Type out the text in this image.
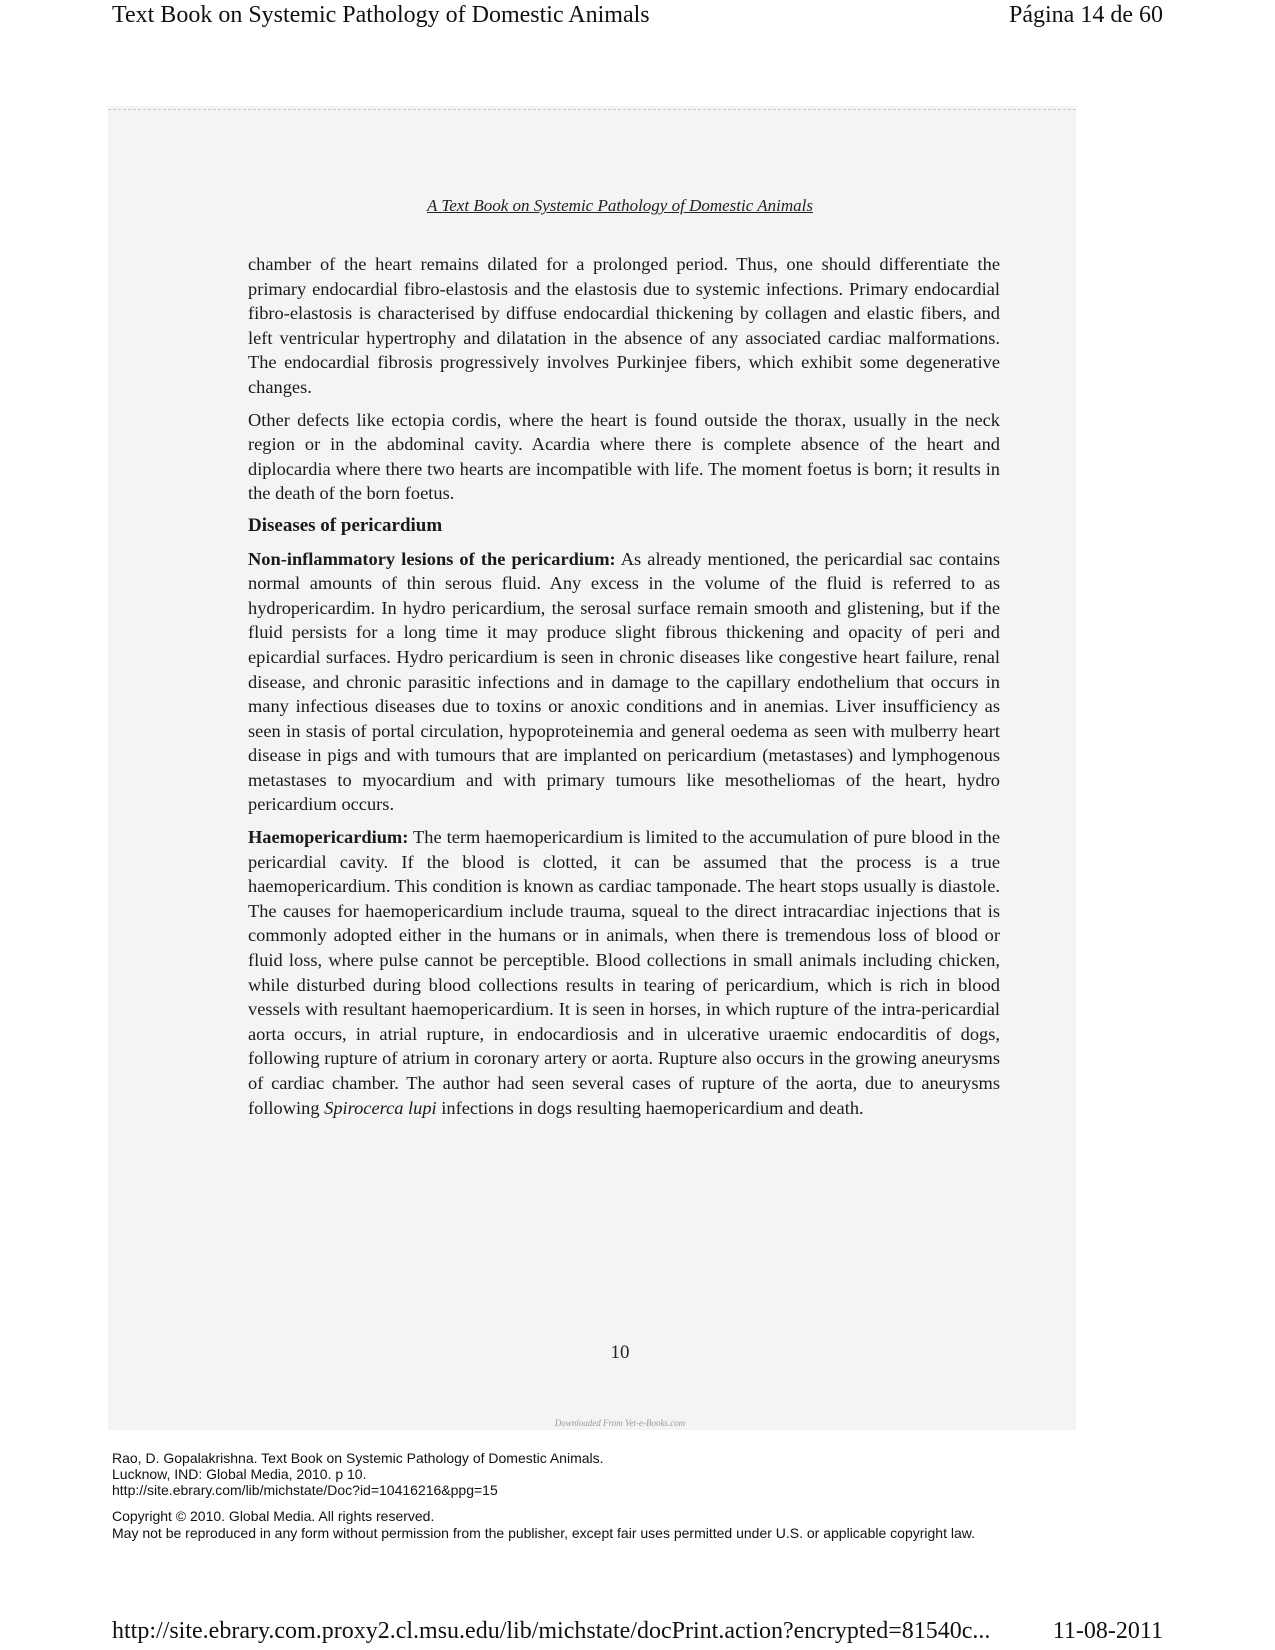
Text Book on Systemic Pathology of Domestic Animals	Página 14 de 60
A Text Book on Systemic Pathology of Domestic Animals

chamber of the heart remains dilated for a prolonged period. Thus, one should differentiate the primary endocardial fibro-elastosis and the elastosis due to systemic infections. Primary endocardial fibro-elastosis is characterised by diffuse endocardial thickening by collagen and elastic fibers, and left ventricular hypertrophy and dilatation in the absence of any associated cardiac malformations. The endocardial fibrosis progressively involves Purkinjee fibers, which exhibit some degenerative changes.

Other defects like ectopia cordis, where the heart is found outside the thorax, usually in the neck region or in the abdominal cavity. Acardia where there is complete absence of the heart and diplocardia where there two hearts are incompatible with life. The moment foetus is born; it results in the death of the born foetus.

Diseases of pericardium

Non-inflammatory lesions of the pericardium: As already mentioned, the pericardial sac contains normal amounts of thin serous fluid. Any excess in the volume of the fluid is referred to as hydropericardim. In hydro pericardium, the serosal surface remain smooth and glistening, but if the fluid persists for a long time it may produce slight fibrous thickening and opacity of peri and epicardial surfaces. Hydro pericardium is seen in chronic diseases like congestive heart failure, renal disease, and chronic parasitic infections and in damage to the capillary endothelium that occurs in many infectious diseases due to toxins or anoxic conditions and in anemias. Liver insufficiency as seen in stasis of portal circulation, hypoproteinemia and general oedema as seen with mulberry heart disease in pigs and with tumours that are implanted on pericardium (metastases) and lymphogenous metastases to myocardium and with primary tumours like mesotheliomas of the heart, hydro pericardium occurs.

Haemopericardium: The term haemopericardium is limited to the accumulation of pure blood in the pericardial cavity. If the blood is clotted, it can be assumed that the process is a true haemopericardium. This condition is known as cardiac tamponade. The heart stops usually is diastole. The causes for haemopericardium include trauma, squeal to the direct intracardiac injections that is commonly adopted either in the humans or in animals, when there is tremendous loss of blood or fluid loss, where pulse cannot be perceptible. Blood collections in small animals including chicken, while disturbed during blood collections results in tearing of pericardium, which is rich in blood vessels with resultant haemopericardium. It is seen in horses, in which rupture of the intra-pericardial aorta occurs, in atrial rupture, in endocardiosis and in ulcerative uraemic endocarditis of dogs, following rupture of atrium in coronary artery or aorta. Rupture also occurs in the growing aneurysms of cardiac chamber. The author had seen several cases of rupture of the aorta, due to aneurysms following Spirocerca lupi infections in dogs resulting haemopericardium and death.

10
Downloaded From Vet-e-Books.com
Rao, D. Gopalakrishna. Text Book on Systemic Pathology of Domestic Animals.
Lucknow, IND: Global Media, 2010. p 10.
http://site.ebrary.com/lib/michstate/Doc?id=10416216&ppg=15
Copyright © 2010. Global Media. All rights reserved.
May not be reproduced in any form without permission from the publisher, except fair uses permitted under U.S. or applicable copyright law.
http://site.ebrary.com.proxy2.cl.msu.edu/lib/michstate/docPrint.action?encrypted=81540c...	11-08-2011
